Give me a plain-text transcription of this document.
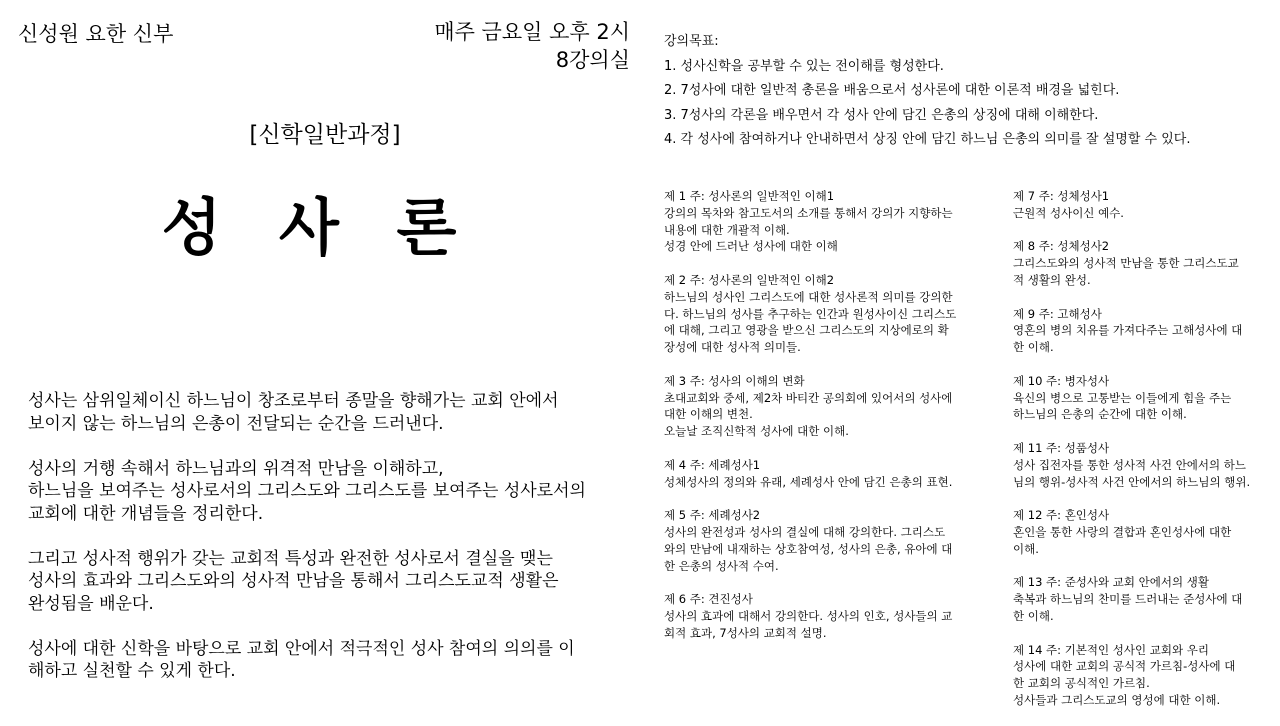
신성원 요한 신부	매주 금요일 오후 2시
8강의실
[신학일반과정]
성 사 론

성사는 삼위일체이신 하느님이 창조로부터 종말을 향해가는 교회 안에서
보이지 않는 하느님의 은총이 전달되는 순간을 드러낸다.

성사의 거행 속해서 하느님과의 위격적 만남을 이해하고,
하느님을 보여주는 성사로서의 그리스도와 그리스도를 보여주는 성사로서의
교회에 대한 개념들을 정리한다.

그리고 성사적 행위가 갖는 교회적 특성과 완전한 성사로서 결실을 맺는
성사의 효과와 그리스도와의 성사적 만남을 통해서 그리스도교적 생활은
완성됨을 배운다.

성사에 대한 신학을 바탕으로 교회 안에서 적극적인 성사 참여의 의의를 이
해하고 실천할 수 있게 한다.

강의목표:
1. 성사신학을 공부할 수 있는 전이해를 형성한다.
2. 7성사에 대한 일반적 총론을 배움으로서 성사론에 대한 이론적 배경을 넓힌다.
3. 7성사의 각론을 배우면서 각 성사 안에 담긴 은총의 상징에 대해 이해한다.
4. 각 성사에 참여하거나 안내하면서 상징 안에 담긴 하느님 은총의 의미를 잘 설명할 수 있다.
제 1 주: 성사론의 일반적인 이해1
강의의 목차와 참고도서의 소개를 통해서 강의가 지향하는
내용에 대한 개괄적 이해.
성경 안에 드러난 성사에 대한 이해
제 2 주: 성사론의 일반적인 이해2
하느님의 성사인 그리스도에 대한 성사론적 의미를 강의한
다. 하느님의 성사를 추구하는 인간과 원성사이신 그리스도
에 대해, 그리고 영광을 받으신 그리스도의 지상에로의 확
장성에 대한 성사적 의미들.
제 3 주: 성사의 이해의 변화
초대교회와 중세, 제2차 바티칸 공의회에 있어서의 성사에
대한 이해의 변천.
오늘날 조직신학적 성사에 대한 이해.
제 4 주: 세례성사1
성체성사의 정의와 유래, 세례성사 안에 담긴 은총의 표현.
제 5 주: 세례성사2
성사의 완전성과 성사의 결실에 대해 강의한다. 그리스도
와의 만남에 내재하는 상호참여성, 성사의 은총, 유아에 대
한 은총의 성사적 수여.
제 6 주: 견진성사
성사의 효과에 대해서 강의한다. 성사의 인호, 성사들의 교
회적 효과, 7성사의 교회적 설명.
제 7 주: 성체성사1
근원적 성사이신 예수.
제 8 주: 성체성사2
그리스도와의 성사적 만남을 통한 그리스도교
적 생활의 완성.
제 9 주: 고해성사
영혼의 병의 치유를 가져다주는 고해성사에 대
한 이해.
제 10 주: 병자성사
육신의 병으로 고통받는 이들에게 힘을 주는
하느님의 은총의 순간에 대한 이해.
제 11 주: 성품성사
성사 집전자를 통한 성사적 사건 안에서의 하느
님의 행위-성사적 사건 안에서의 하느님의 행위.
제 12 주: 혼인성사
혼인을 통한 사랑의 결합과 혼인성사에 대한
이해.
제 13 주: 준성사와 교회 안에서의 생활
축복과 하느님의 찬미를 드러내는 준성사에 대
한 이해.
제 14 주: 기본적인 성사인 교회와 우리
성사에 대한 교회의 공식적 가르침-성사에 대
한 교회의 공식적인 가르침.
성사들과 그리스도교의 영성에 대한 이해.
